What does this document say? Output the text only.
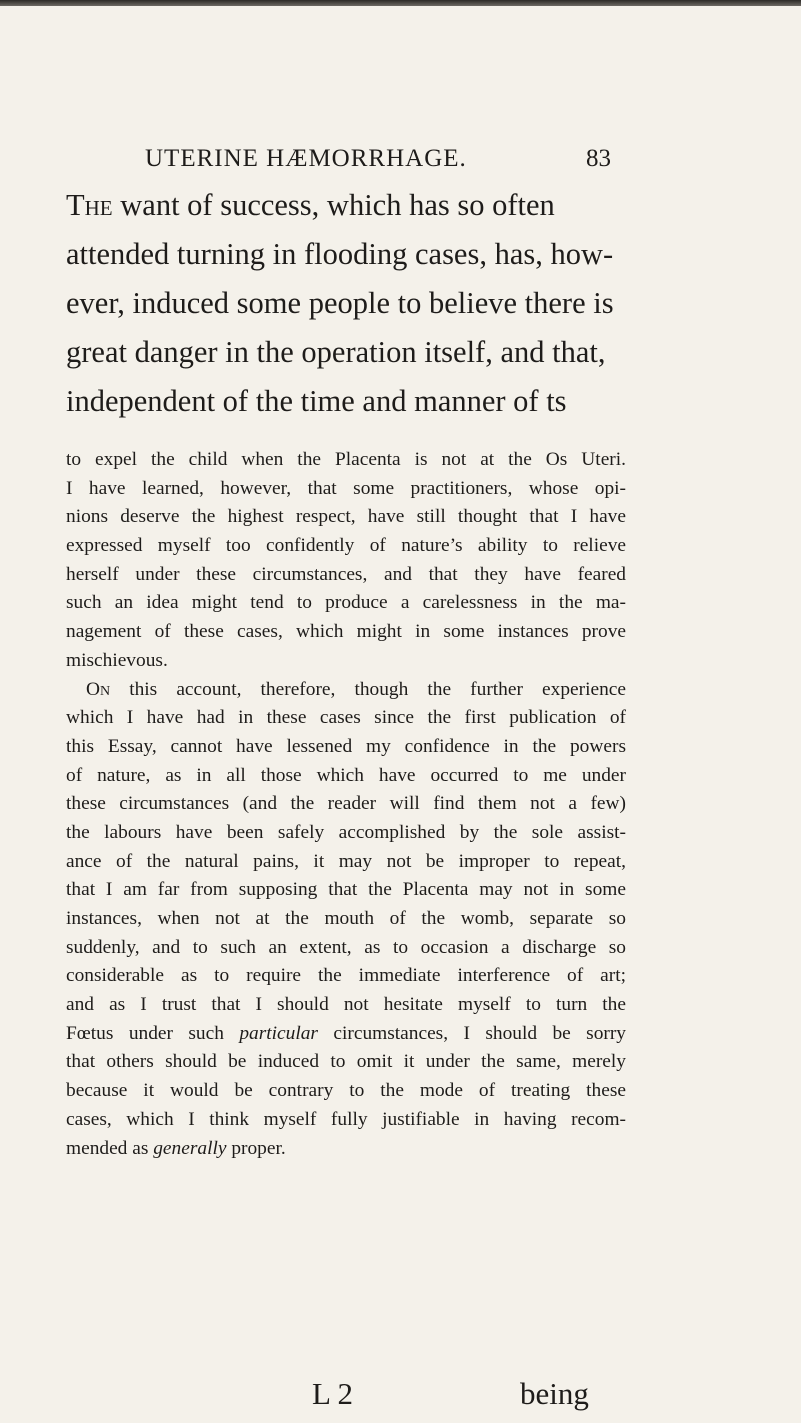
UTERINE HÆMORRHAGE.	83
The want of success, which has so often
attended turning in flooding cases, has, how-
ever, induced some people to believe there is
great danger in the operation itself, and that,
independent of the time and manner of ts
to expel the child when the Placenta is not at the Os Uteri.
I have learned, however, that some practitioners, whose opi-
nions deserve the highest respect, have still thought that I have
expressed myself too confidently of nature’s ability to relieve
herself under these circumstances, and that they have feared
such an idea might tend to produce a carelessness in the ma-
nagement of these cases, which might in some instances prove
mischievous.
On this account, therefore, though the further experience
which I have had in these cases since the first publication of
this Essay, cannot have lessened my confidence in the powers
of nature, as in all those which have occurred to me under
these circumstances (and the reader will find them not a few)
the labours have been safely accomplished by the sole assist-
ance of the natural pains, it may not be improper to repeat,
that I am far from supposing that the Placenta may not in some
instances, when not at the mouth of the womb, separate so
suddenly, and to such an extent, as to occasion a discharge so
considerable as to require the immediate interference of art;
and as I trust that I should not hesitate myself to turn the
Fœtus under such particular circumstances, I should be sorry
that others should be induced to omit it under the same, merely
because it would be contrary to the mode of treating these
cases, which I think myself fully justifiable in having recom-
mended as generally proper.
L 2	being
